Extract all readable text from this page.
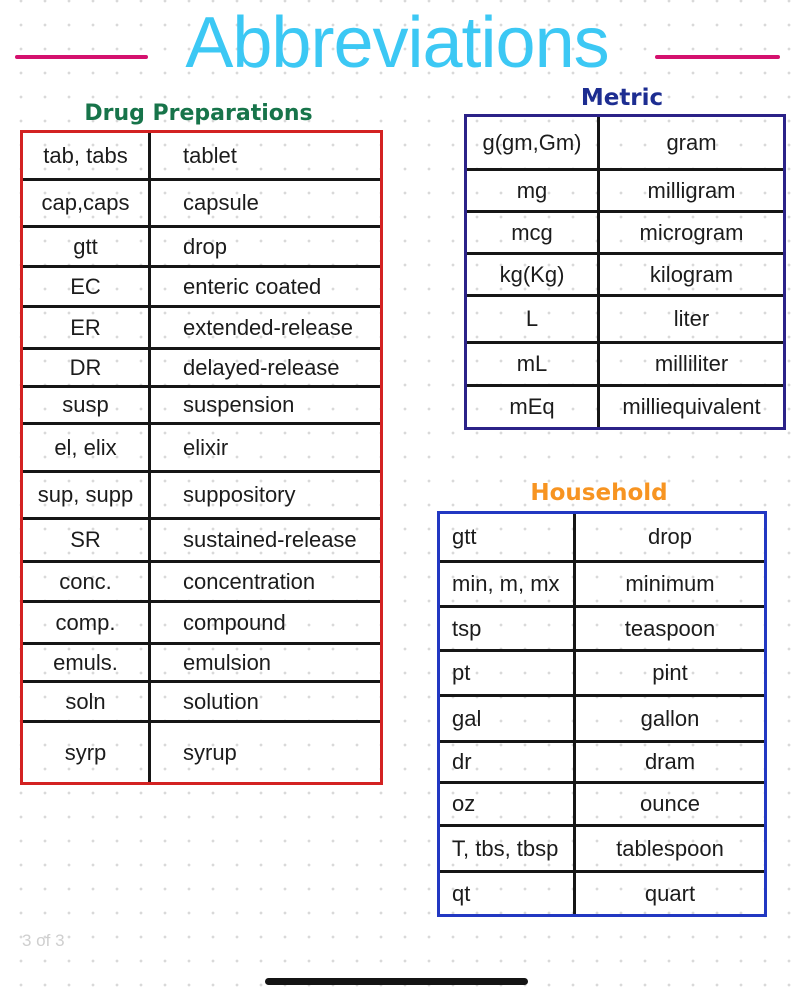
Abbreviations
Drug Preparations
tab, tabs	tablet
cap,caps	capsule
gtt	drop
EC	enteric coated
ER	extended-release
DR	delayed-release
susp	suspension
el, elix	elixir
sup, supp	suppository
SR	sustained-release
conc.	concentration
comp.	compound
emuls.	emulsion
soln	solution
syrp	syrup
Metric
g(gm,Gm)	gram
mg	milligram
mcg	microgram
kg(Kg)	kilogram
L	liter
mL	milliliter
mEq	milliequivalent
Household
gtt	drop
min, m, mx	minimum
tsp	teaspoon
pt	pint
gal	gallon
dr	dram
oz	ounce
T, tbs, tbsp	tablespoon
qt	quart
3 of 3
